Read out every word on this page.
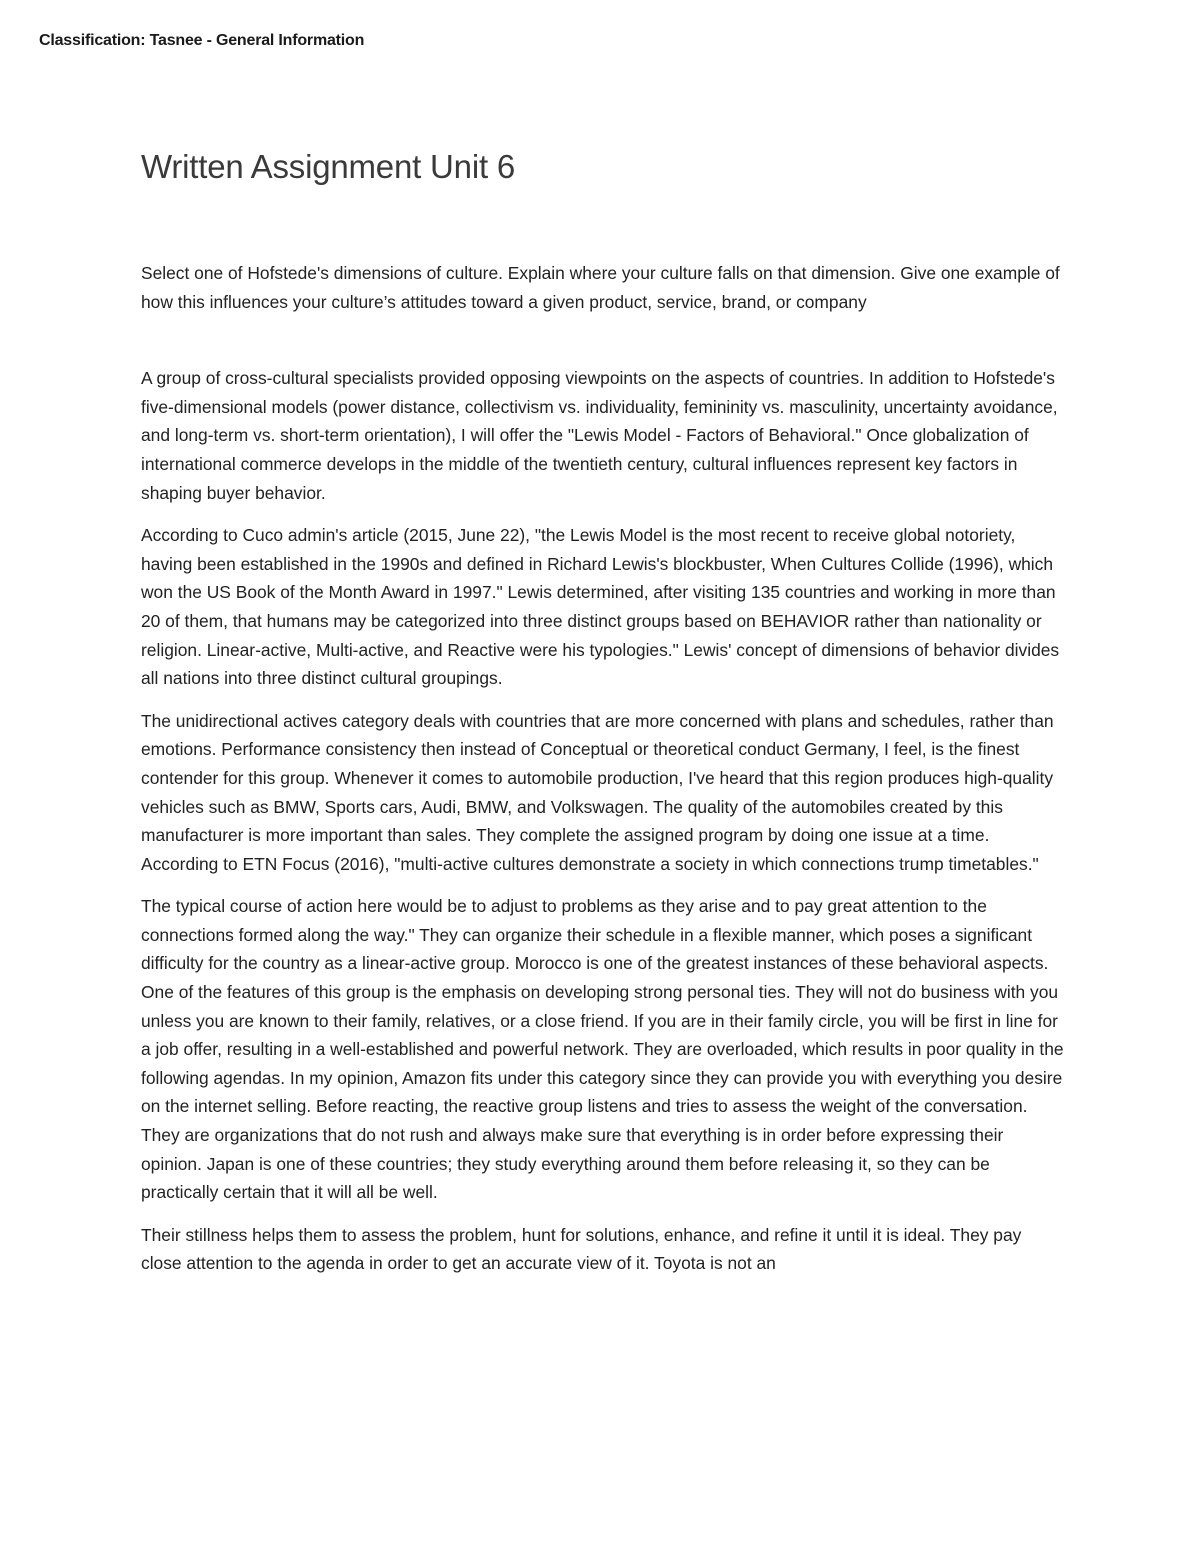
Classification: Tasnee - General Information
Written Assignment Unit 6

Select one of Hofstede's dimensions of culture. Explain where your culture falls on that dimension. Give one example of how this influences your culture’s attitudes toward a given product, service, brand, or company

A group of cross-cultural specialists provided opposing viewpoints on the aspects of countries. In addition to Hofstede's five-dimensional models (power distance, collectivism vs. individuality, femininity vs. masculinity, uncertainty avoidance, and long-term vs. short-term orientation), I will offer the "Lewis Model - Factors of Behavioral." Once globalization of international commerce develops in the middle of the twentieth century, cultural influences represent key factors in shaping buyer behavior.

According to Cuco admin's article (2015, June 22), "the Lewis Model is the most recent to receive global notoriety, having been established in the 1990s and defined in Richard Lewis's blockbuster, When Cultures Collide (1996), which won the US Book of the Month Award in 1997." Lewis determined, after visiting 135 countries and working in more than 20 of them, that humans may be categorized into three distinct groups based on BEHAVIOR rather than nationality or religion. Linear-active, Multi-active, and Reactive were his typologies." Lewis' concept of dimensions of behavior divides all nations into three distinct cultural groupings.

The unidirectional actives category deals with countries that are more concerned with plans and schedules, rather than emotions. Performance consistency then instead of Conceptual or theoretical conduct Germany, I feel, is the finest contender for this group. Whenever it comes to automobile production, I've heard that this region produces high-quality vehicles such as BMW, Sports cars, Audi, BMW, and Volkswagen. The quality of the automobiles created by this manufacturer is more important than sales. They complete the assigned program by doing one issue at a time. According to ETN Focus (2016), "multi-active cultures demonstrate a society in which connections trump timetables."

The typical course of action here would be to adjust to problems as they arise and to pay great attention to the connections formed along the way." They can organize their schedule in a flexible manner, which poses a significant difficulty for the country as a linear-active group. Morocco is one of the greatest instances of these behavioral aspects. One of the features of this group is the emphasis on developing strong personal ties. They will not do business with you unless you are known to their family, relatives, or a close friend. If you are in their family circle, you will be first in line for a job offer, resulting in a well-established and powerful network. They are overloaded, which results in poor quality in the following agendas. In my opinion, Amazon fits under this category since they can provide you with everything you desire on the internet selling. Before reacting, the reactive group listens and tries to assess the weight of the conversation. They are organizations that do not rush and always make sure that everything is in order before expressing their opinion. Japan is one of these countries; they study everything around them before releasing it, so they can be practically certain that it will all be well.

Their stillness helps them to assess the problem, hunt for solutions, enhance, and refine it until it is ideal. They pay close attention to the agenda in order to get an accurate view of it. Toyota is not an
